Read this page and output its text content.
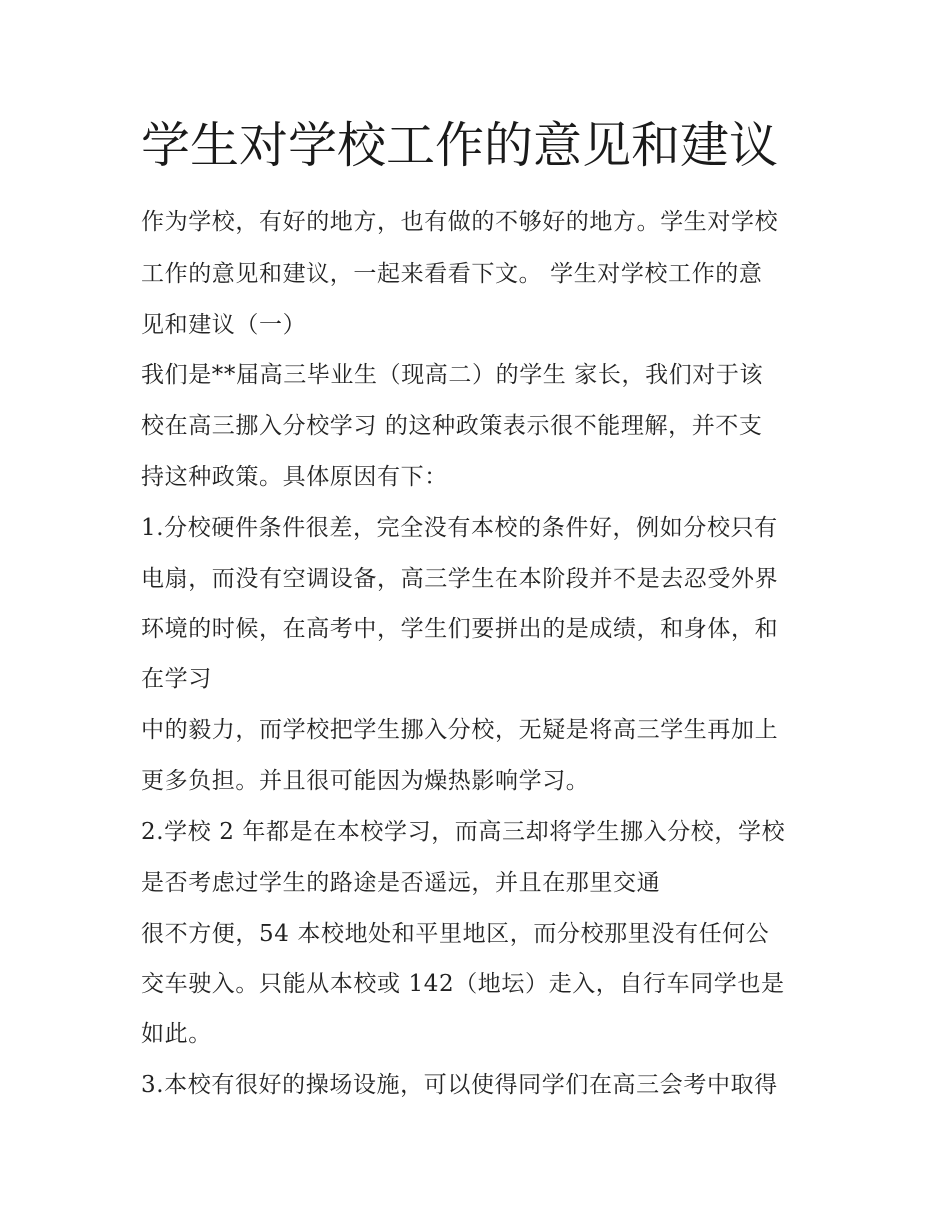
学生对学校工作的意见和建议

作为学校，有好的地方，也有做的不够好的地方。学生对学校

工作的意见和建议，一起来看看下文。 学生对学校工作的意

见和建议（一）

我们是**届高三毕业生（现高二）的学生 家长，我们对于该

校在高三挪入分校学习 的这种政策表示很不能理解，并不支

持这种政策。具体原因有下：

1.分校硬件条件很差，完全没有本校的条件好，例如分校只有

电扇，而没有空调设备，高三学生在本阶段并不是去忍受外界

环境的时候，在高考中，学生们要拼出的是成绩，和身体，和

在学习

中的毅力，而学校把学生挪入分校，无疑是将高三学生再加上

更多负担。并且很可能因为燥热影响学习。

2.学校 2 年都是在本校学习，而高三却将学生挪入分校，学校

是否考虑过学生的路途是否遥远，并且在那里交通

很不方便，54 本校地处和平里地区，而分校那里没有任何公

交车驶入。只能从本校或 142（地坛）走入，自行车同学也是

如此。

3.本校有很好的操场设施，可以使得同学们在高三会考中取得
